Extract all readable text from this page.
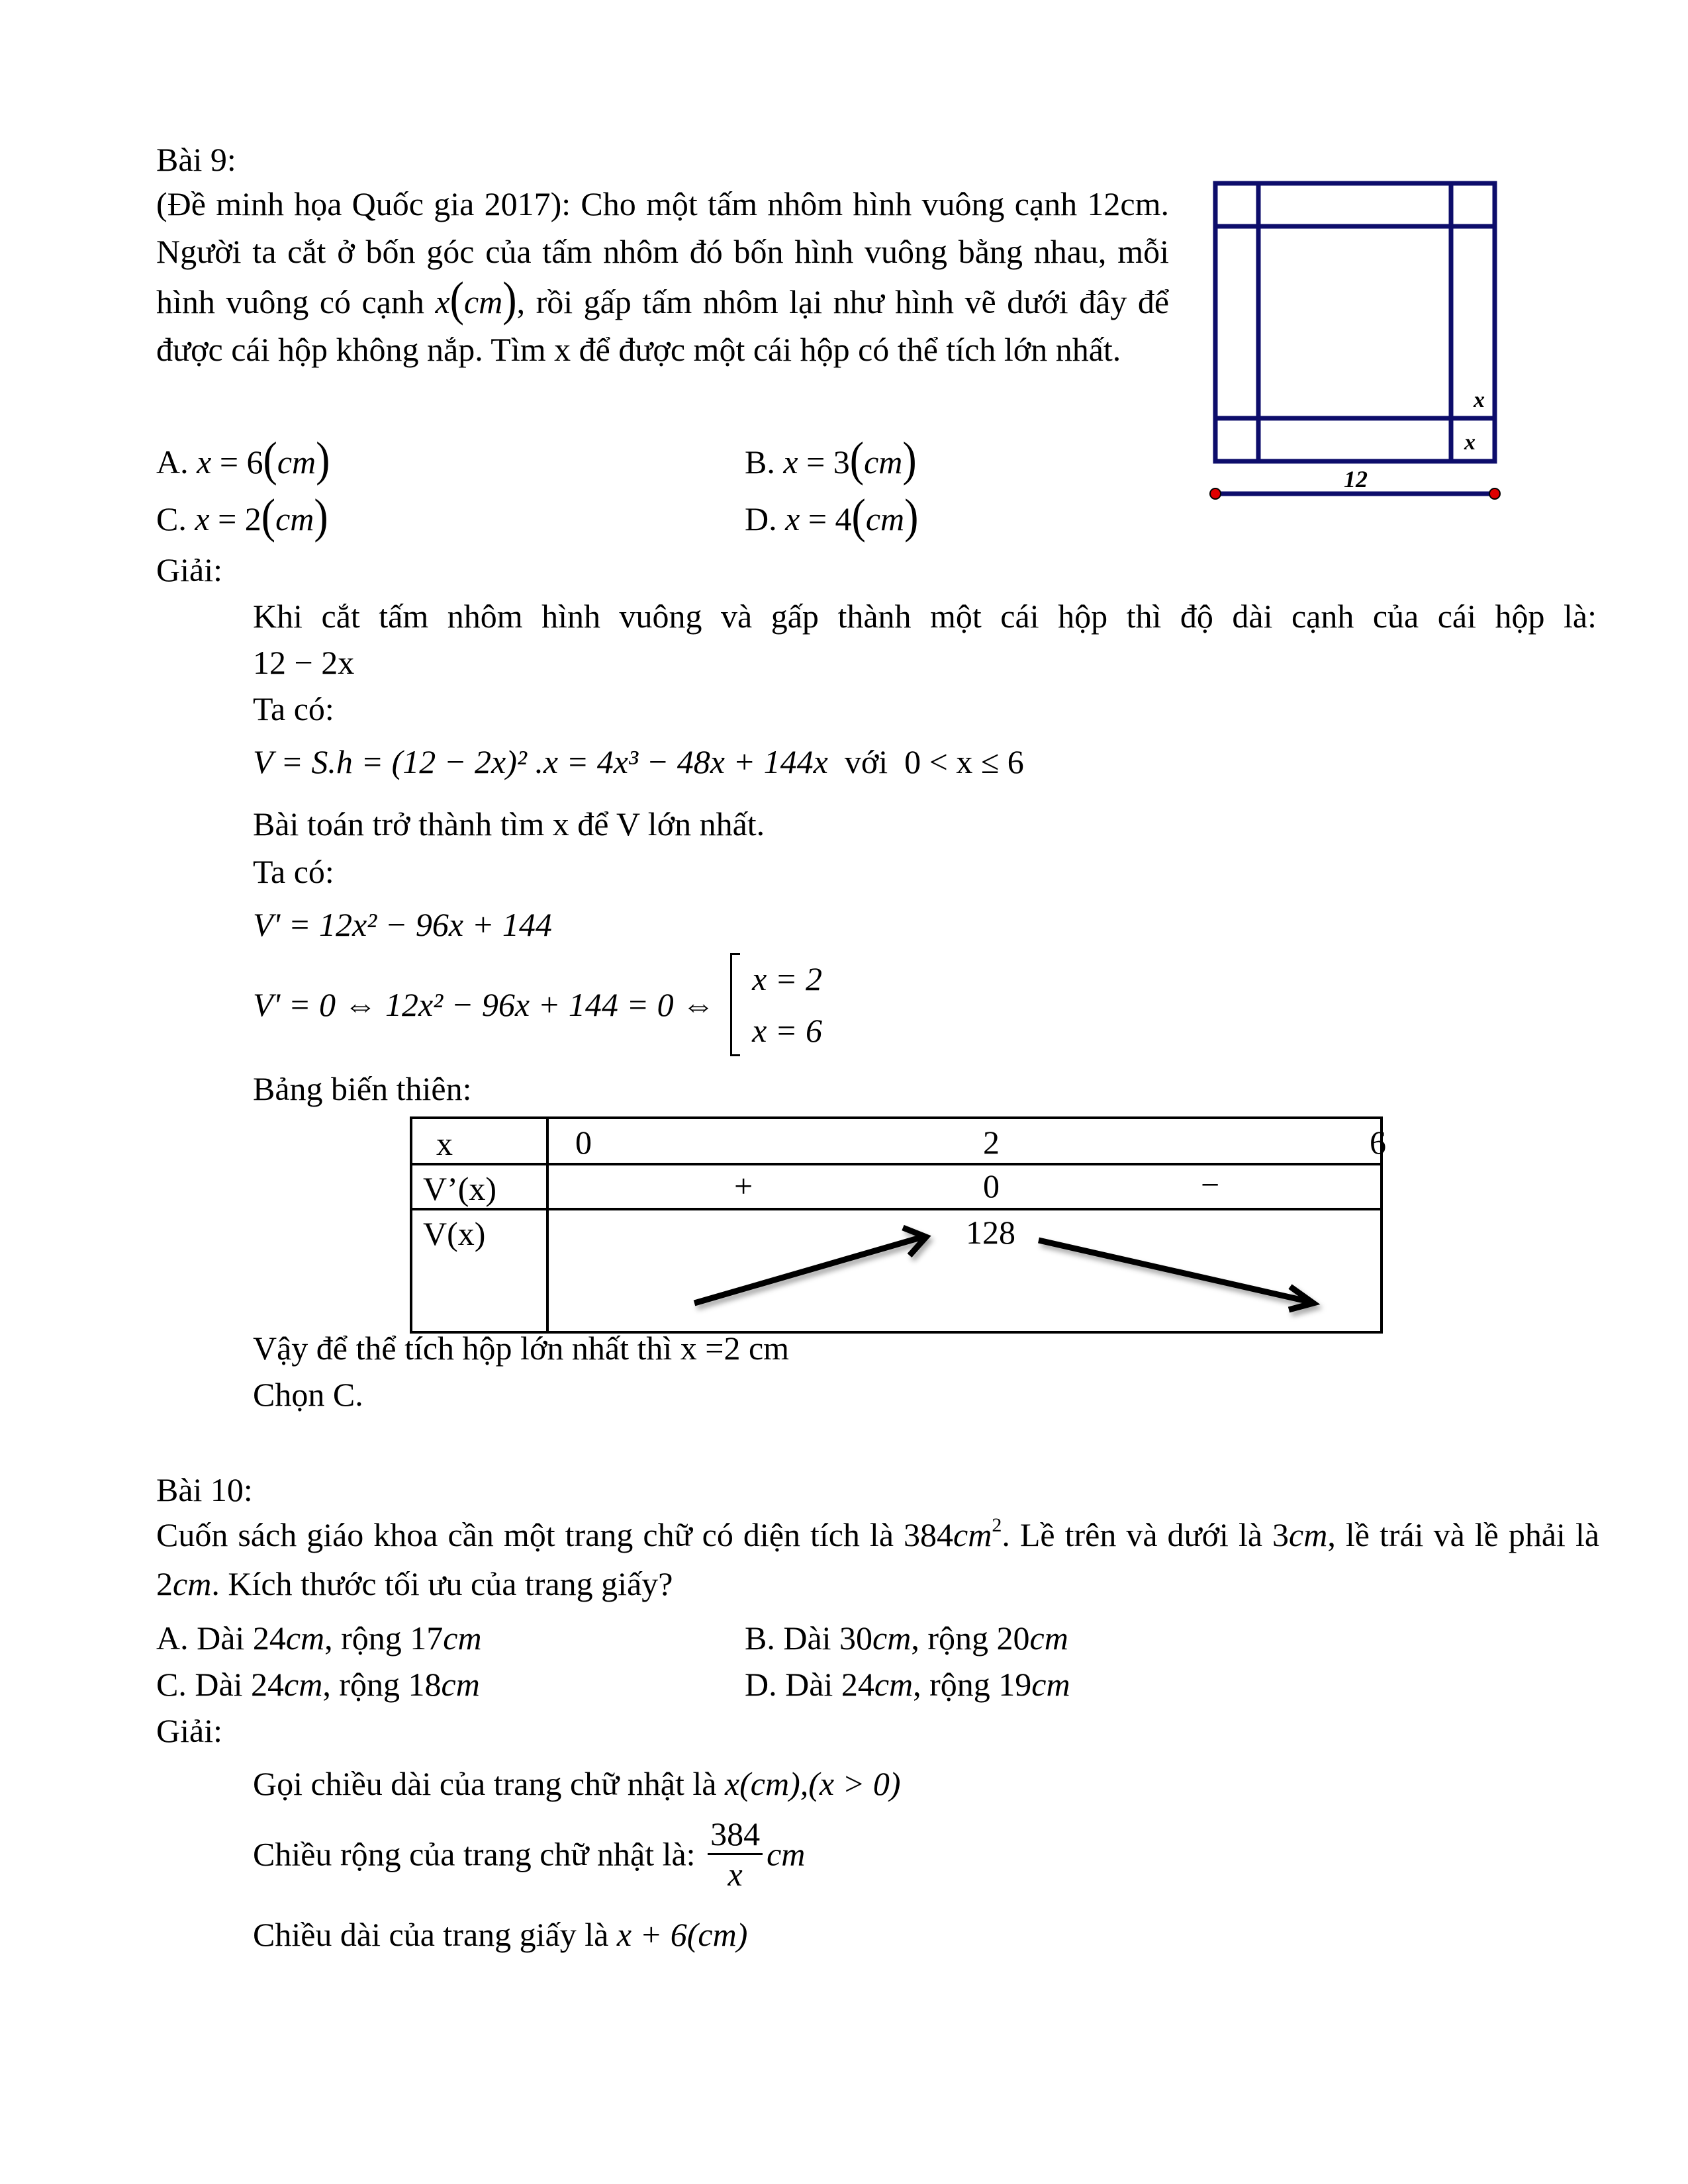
Bài 9:
(Đề minh họa Quốc gia 2017): Cho một tấm nhôm hình vuông cạnh 12cm. Người ta cắt ở bốn góc của tấm nhôm đó bốn hình vuông bằng nhau, mỗi hình vuông có cạnh x(cm), rồi gấp tấm nhôm lại như hình vẽ dưới đây để được cái hộp không nắp. Tìm x để được một cái hộp có thể tích lớn nhất.
A. x = 6(cm)	B. x = 3(cm)
C. x = 2(cm)	D. x = 4(cm)
x
x
12
Giải:
Khi cắt tấm nhôm hình vuông và gấp thành một cái hộp thì độ dài cạnh của cái hộp là:
12 − 2x
Ta có:
V = S.h = (12 − 2x)² .x = 4x³ − 48x + 144x với 0 < x ≤ 6
Bài toán trở thành tìm x để V lớn nhất.
Ta có:
V' = 12x² − 96x + 144
V' = 0 ⇔ 12x² − 96x + 144 = 0 ⇔
x = 2
x = 6
Bảng biến thiên:
x	0 2 6

V’(x)	+ 0 −

V(x)	128
Vậy để thể tích hộp lớn nhất thì x =2 cm
Chọn C.
Bài 10:
Cuốn sách giáo khoa cần một trang chữ có diện tích là $384cm^2$. Lề trên và dưới là 3cm, lề trái và lề phải là 2cm. Kích thước tối ưu của trang giấy?
A. Dài 24cm, rộng 17cm	B. Dài 30cm, rộng 20cm
C. Dài 24cm, rộng 18cm	D. Dài 24cm, rộng 19cm
Giải:
Gọi chiều dài của trang chữ nhật là x(cm),(x > 0)
Chiều rộng của trang chữ nhật là: $\frac{384}{x}$ cm
Chiều dài của trang giấy là x + 6(cm)
